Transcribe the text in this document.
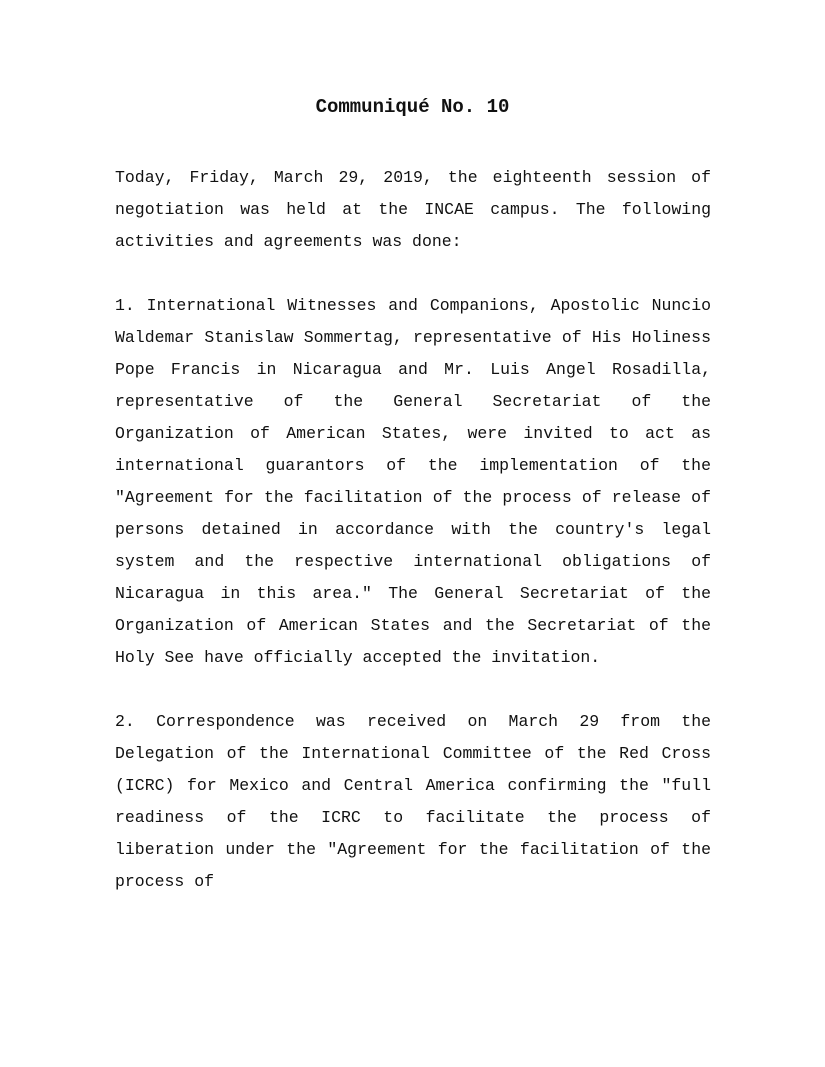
Communiqué No. 10

Today, Friday, March 29, 2019, the eighteenth session of negotiation was held at the INCAE campus. The following activities and agreements was done:

1. International Witnesses and Companions, Apostolic Nuncio Waldemar Stanislaw Sommertag, representative of His Holiness Pope Francis in Nicaragua and Mr. Luis Angel Rosadilla, representative of the General Secretariat of the Organization of American States, were invited to act as international guarantors of the implementation of the "Agreement for the facilitation of the process of release of persons detained in accordance with the country's legal system and the respective international obligations of Nicaragua in this area." The General Secretariat of the Organization of American States and the Secretariat of the Holy See have officially accepted the invitation.

2. Correspondence was received on March 29 from the Delegation of the International Committee of the Red Cross (ICRC) for Mexico and Central America confirming the "full readiness of the ICRC to facilitate the process of liberation under the "Agreement for the facilitation of the process of
